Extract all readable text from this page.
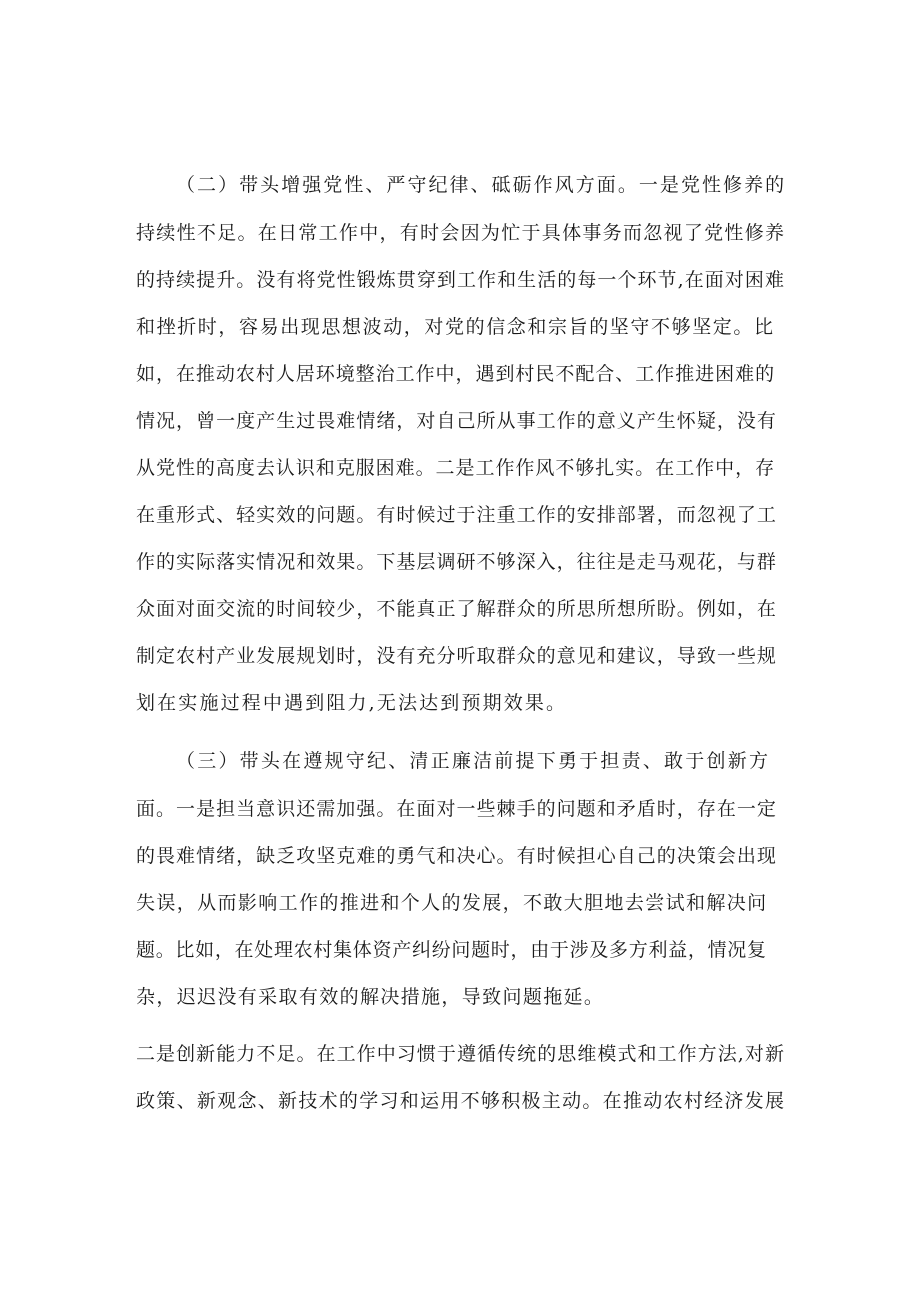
（二）带头增强党性、严守纪律、砥砺作风方面。一是党性修养的
持续性不足。在日常工作中，有时会因为忙于具体事务而忽视了党性修养
的持续提升。没有将党性锻炼贯穿到工作和生活的每一个环节,在面对困难
和挫折时，容易出现思想波动，对党的信念和宗旨的坚守不够坚定。比
如，在推动农村人居环境整治工作中，遇到村民不配合、工作推进困难的
情况，曾一度产生过畏难情绪，对自己所从事工作的意义产生怀疑，没有
从党性的高度去认识和克服困难。二是工作作风不够扎实。在工作中，存
在重形式、轻实效的问题。有时候过于注重工作的安排部署，而忽视了工
作的实际落实情况和效果。下基层调研不够深入，往往是走马观花，与群
众面对面交流的时间较少，不能真正了解群众的所思所想所盼。例如，在
制定农村产业发展规划时，没有充分听取群众的意见和建议，导致一些规
划在实施过程中遇到阻力,无法达到预期效果。
（三）带头在遵规守纪、清正廉洁前提下勇于担责、敢于创新方
面。一是担当意识还需加强。在面对一些棘手的问题和矛盾时，存在一定
的畏难情绪，缺乏攻坚克难的勇气和决心。有时候担心自己的决策会出现
失误，从而影响工作的推进和个人的发展，不敢大胆地去尝试和解决问
题。比如，在处理农村集体资产纠纷问题时，由于涉及多方利益，情况复
杂，迟迟没有采取有效的解决措施，导致问题拖延。
二是创新能力不足。在工作中习惯于遵循传统的思维模式和工作方法,对新
政策、新观念、新技术的学习和运用不够积极主动。在推动农村经济发展
